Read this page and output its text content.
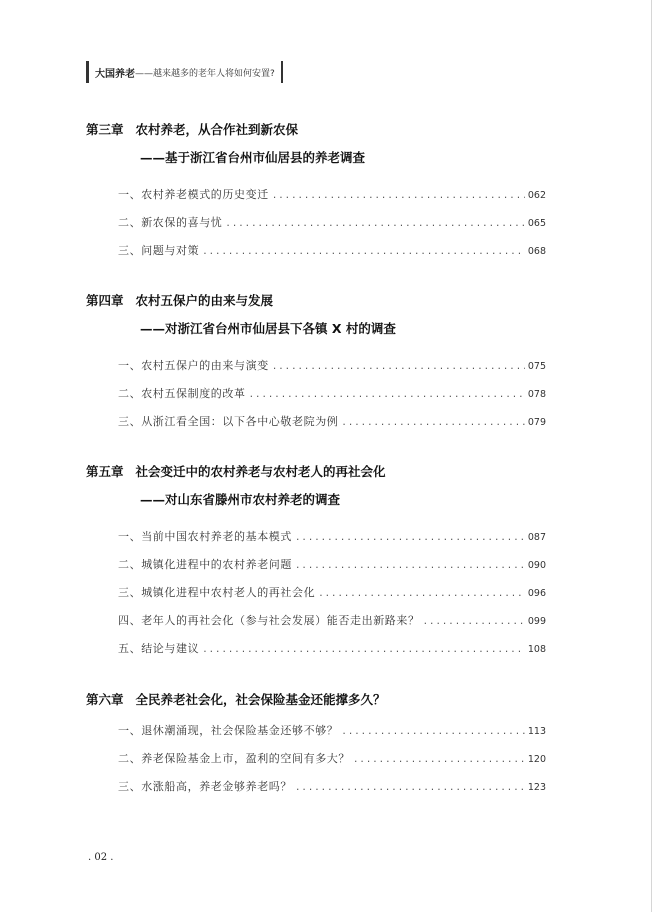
大国养老 ——越来越多的老年人将如何安置?
第三章 农村养老，从合作社到新农保
——基于浙江省台州市仙居县的养老调查
一、农村养老模式的历史变迁 .....	062
二、新农保的喜与忧 .....	065
三、问题与对策 .....	068
第四章 农村五保户的由来与发展
——对浙江省台州市仙居县下各镇 X 村的调查
一、农村五保户的由来与演变 .....	075
二、农村五保制度的改革 .....	078
三、从浙江看全国：以下各中心敬老院为例 .....	079
第五章 社会变迁中的农村养老与农村老人的再社会化
——对山东省滕州市农村养老的调查
一、当前中国农村养老的基本模式 .....	087
二、城镇化进程中的农村养老问题 .....	090
三、城镇化进程中农村老人的再社会化 .....	096
四、老年人的再社会化（参与社会发展）能否走出新路来？ .....	099
五、结论与建议 .....	108
第六章 全民养老社会化，社会保险基金还能撑多久？
一、退休潮涌现，社会保险基金还够不够？ .....	113
二、养老保险基金上市，盈利的空间有多大？ .....	120
三、水涨船高，养老金够养老吗？ .....	123
. 02 .
